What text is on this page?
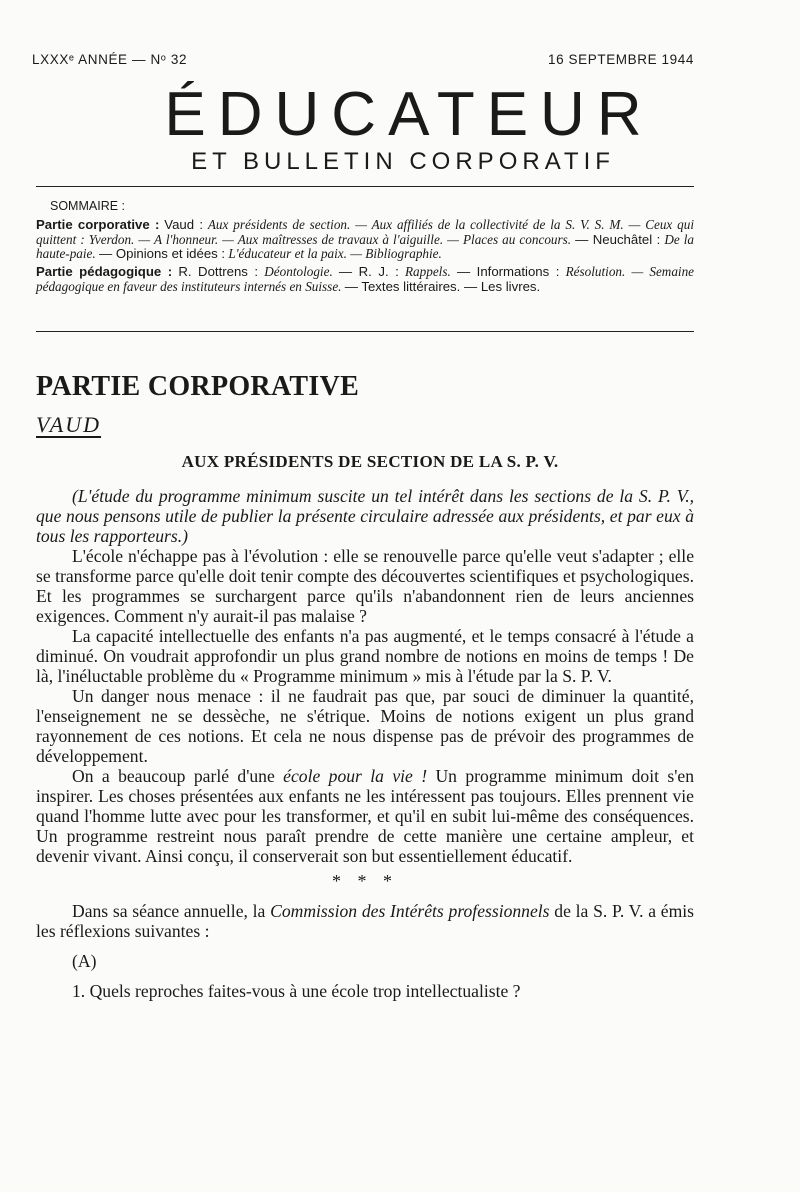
LXXXᵉ ANNÉE — Nᵒ 32	16 SEPTEMBRE 1944
ÉDUCATEUR
ET BULLETIN CORPORATIF
SOMMAIRE :

Partie corporative : Vaud : Aux présidents de section. — Aux affiliés de la collectivité de la S. V. S. M. — Ceux qui quittent : Yverdon. — A l'honneur. — Aux maîtresses de travaux à l'aiguille. — Places au concours. — Neuchâtel : De la haute-paie. — Opinions et idées : L'éducateur et la paix. — Bibliographie.

Partie pédagogique : R. Dottrens : Déontologie. — R. J. : Rappels. — Informations : Résolution. — Semaine pédagogique en faveur des instituteurs internés en Suisse. — Textes littéraires. — Les livres.

PARTIE CORPORATIVE
VAUD
AUX PRÉSIDENTS DE SECTION DE LA S. P. V.

(L'étude du programme minimum suscite un tel intérêt dans les sections de la S. P. V., que nous pensons utile de publier la présente circulaire adressée aux présidents, et par eux à tous les rapporteurs.)

L'école n'échappe pas à l'évolution : elle se renouvelle parce qu'elle veut s'adapter ; elle se transforme parce qu'elle doit tenir compte des découvertes scientifiques et psychologiques. Et les programmes se surchargent parce qu'ils n'abandonnent rien de leurs anciennes exigences. Comment n'y aurait-il pas malaise ?

La capacité intellectuelle des enfants n'a pas augmenté, et le temps consacré à l'étude a diminué. On voudrait approfondir un plus grand nombre de notions en moins de temps ! De là, l'inéluctable problème du « Programme minimum » mis à l'étude par la S. P. V.

Un danger nous menace : il ne faudrait pas que, par souci de diminuer la quantité, l'enseignement ne se dessèche, ne s'étrique. Moins de notions exigent un plus grand rayonnement de ces notions. Et cela ne nous dispense pas de prévoir des programmes de développement.

On a beaucoup parlé d'une école pour la vie ! Un programme minimum doit s'en inspirer. Les choses présentées aux enfants ne les intéressent pas toujours. Elles prennent vie quand l'homme lutte avec pour les transformer, et qu'il en subit lui-même des conséquences. Un programme restreint nous paraît prendre de cette manière une certaine ampleur, et devenir vivant. Ainsi conçu, il conserverait son but essentiellement éducatif.

* * *

Dans sa séance annuelle, la Commission des Intérêts professionnels de la S. P. V. a émis les réflexions suivantes :

(A)

1. Quels reproches faites-vous à une école trop intellectualiste ?
